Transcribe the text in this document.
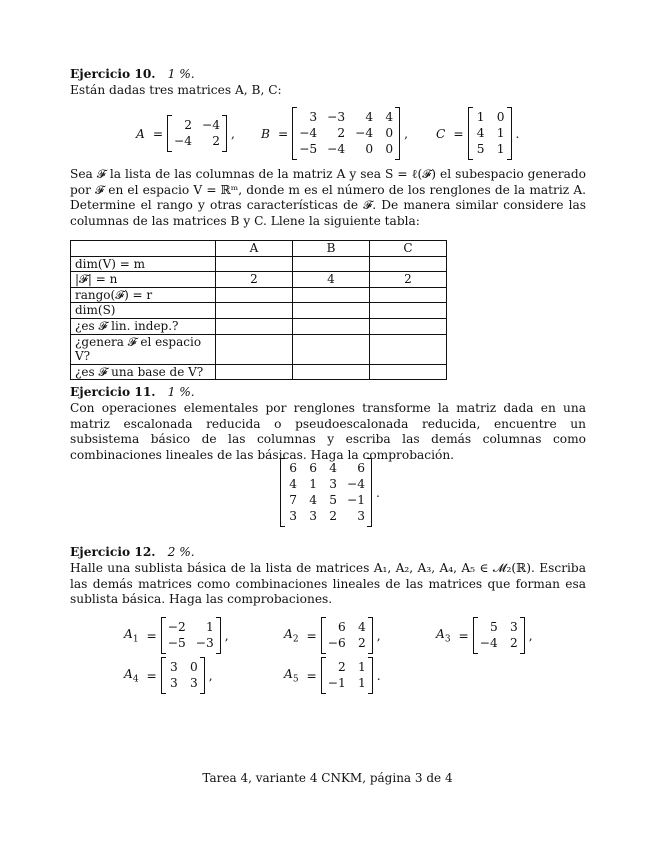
Ejercicio 10. 1 %.
Están dadas tres matrices A, B, C:
A =
2 −4
−4	2
, B =
3 −3	4 4
−4	2 −4 0
−5 −4	0 0
, C =
1 0
4 1
5 1
.
Sea 𝓕 la lista de las columnas de la matriz A y sea S = ℓ(𝓕) el subespacio generado por 𝓕 en el espacio V = ℝᵐ, donde m es el número de los renglones de la matriz A. Determine el rango y otras características de 𝓕. De manera similar considere las columnas de las matrices B y C. Llene la siguiente tabla:
	A	B	C
dim(V) = m			
|𝓕| = n	2	4	2
rango(𝓕) = r			
dim(S)			
¿es 𝓕 lin. indep.?			
¿genera 𝓕 el espacio V?			
¿es 𝓕 una base de V?			
Ejercicio 11. 1 %.
Con operaciones elementales por renglones transforme la matriz dada en una matriz escalonada reducida o pseudoescalonada reducida, encuentre un subsistema básico de las columnas y escriba las demás columnas como combinaciones lineales de las básicas. Haga la comprobación.
6 6 4	6
4 1 3 −4
7 4 5 −1
3 3 2	3
.
Ejercicio 12. 2 %.
Halle una sublista básica de la lista de matrices A₁, A₂, A₃, A₄, A₅ ∈ 𝓜₂(ℝ). Escriba las demás matrices como combinaciones lineales de las matrices que forman esa sublista básica. Haga las comprobaciones.
$A_1$ =
−2	1
−5 −3
,	$A_2$ =
6 4
−6 2
,	$A_3$ =
5 3
−4 2
,
$A_4$ =
3 0
3 3
,	$A_5$ =
2 1
−1 1
.
Tarea 4, variante 4 CNKM, página 3 de 4
